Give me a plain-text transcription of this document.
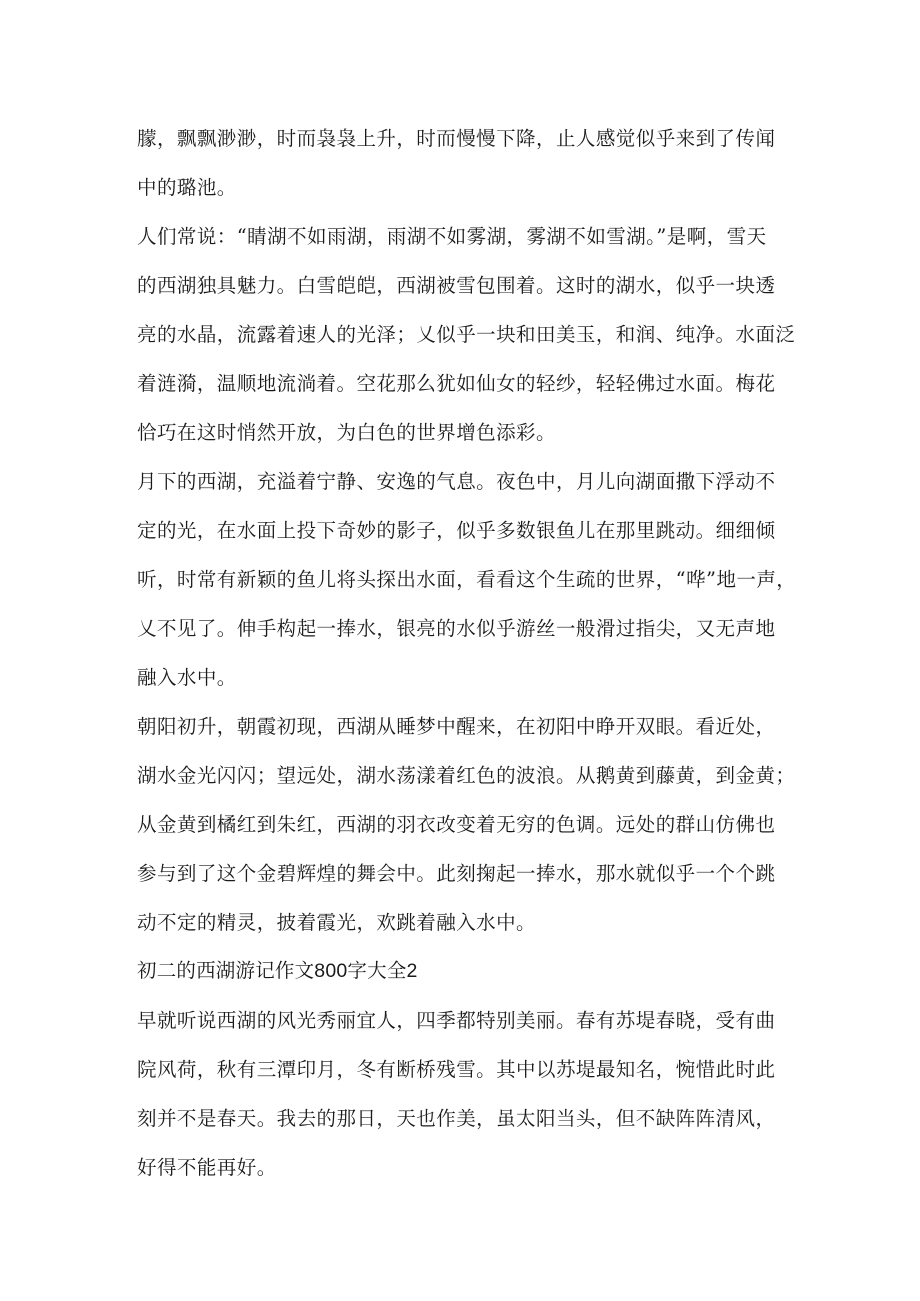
朦，飘飘渺渺，时而袅袅上升，时而慢慢下降，止人感觉似乎来到了传闻
中的璐池。
人们常说：“睛湖不如雨湖，雨湖不如雾湖，雾湖不如雪湖。”是啊，雪天
的西湖独具魅力。白雪皑皑，西湖被雪包围着。这时的湖水，似乎一块透
亮的水晶，流露着速人的光泽；乂似乎一块和田美玉，和润、纯净。水面泛
着涟漪，温顺地流淌着。空花那么犹如仙女的轻纱，轻轻佛过水面。梅花
恰巧在这时悄然开放，为白色的世界增色添彩。
月下的西湖，充溢着宁静、安逸的气息。夜色中，月儿向湖面撒下浮动不
定的光，在水面上投下奇妙的影子，似乎多数银鱼儿在那里跳动。细细倾
听，时常有新颖的鱼儿将头探出水面，看看这个生疏的世界，“哗”地一声，
乂不见了。伸手构起一捧水，银亮的水似乎游丝一般滑过指尖，又无声地
融入水中。
朝阳初升，朝霞初现，西湖从睡梦中醒来，在初阳中睁开双眼。看近处，
湖水金光闪闪；望远处，湖水荡漾着红色的波浪。从鹅黄到藤黄，到金黄；
从金黄到橘红到朱红，西湖的羽衣改变着无穷的色调。远处的群山仿佛也
参与到了这个金碧辉煌的舞会中。此刻掬起一捧水，那水就似乎一个个跳
动不定的精灵，披着霞光，欢跳着融入水中。
初二的西湖游记作文800字大全2
早就听说西湖的风光秀丽宜人，四季都特别美丽。春有苏堤春晓，受有曲
院风荷，秋有三潭印月，冬有断桥残雪。其中以苏堤最知名，惋惜此时此
刻并不是春天。我去的那日，天也作美，虽太阳当头，但不缺阵阵清风，
好得不能再好。
